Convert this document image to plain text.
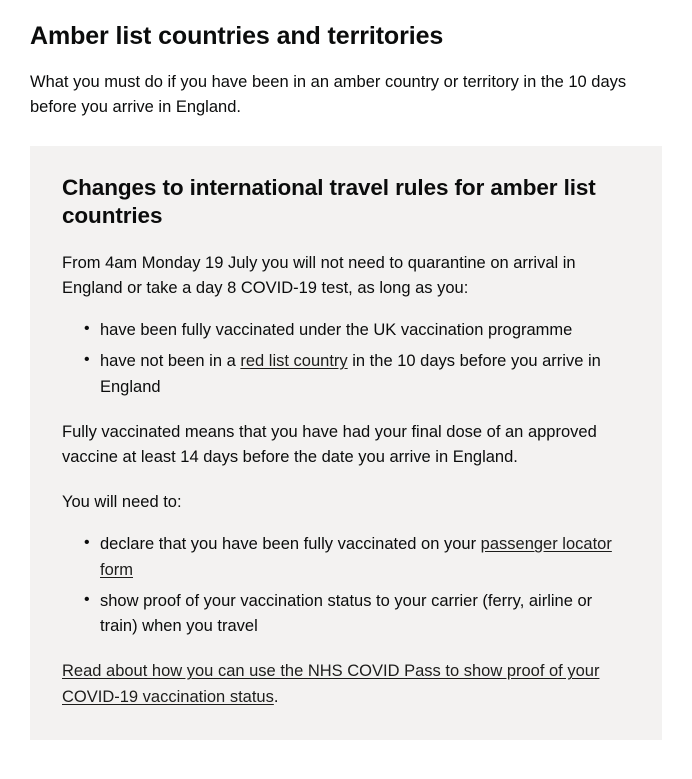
Amber list countries and territories

What you must do if you have been in an amber country or territory in the 10 days before you arrive in England.

Changes to international travel rules for amber list countries

From 4am Monday 19 July you will not need to quarantine on arrival in England or take a day 8 COVID-19 test, as long as you:

• have been fully vaccinated under the UK vaccination programme
• have not been in a red list country in the 10 days before you arrive in England

Fully vaccinated means that you have had your final dose of an approved vaccine at least 14 days before the date you arrive in England.

You will need to:

• declare that you have been fully vaccinated on your passenger locator form
• show proof of your vaccination status to your carrier (ferry, airline or train) when you travel

Read about how you can use the NHS COVID Pass to show proof of your COVID-19 vaccination status.
